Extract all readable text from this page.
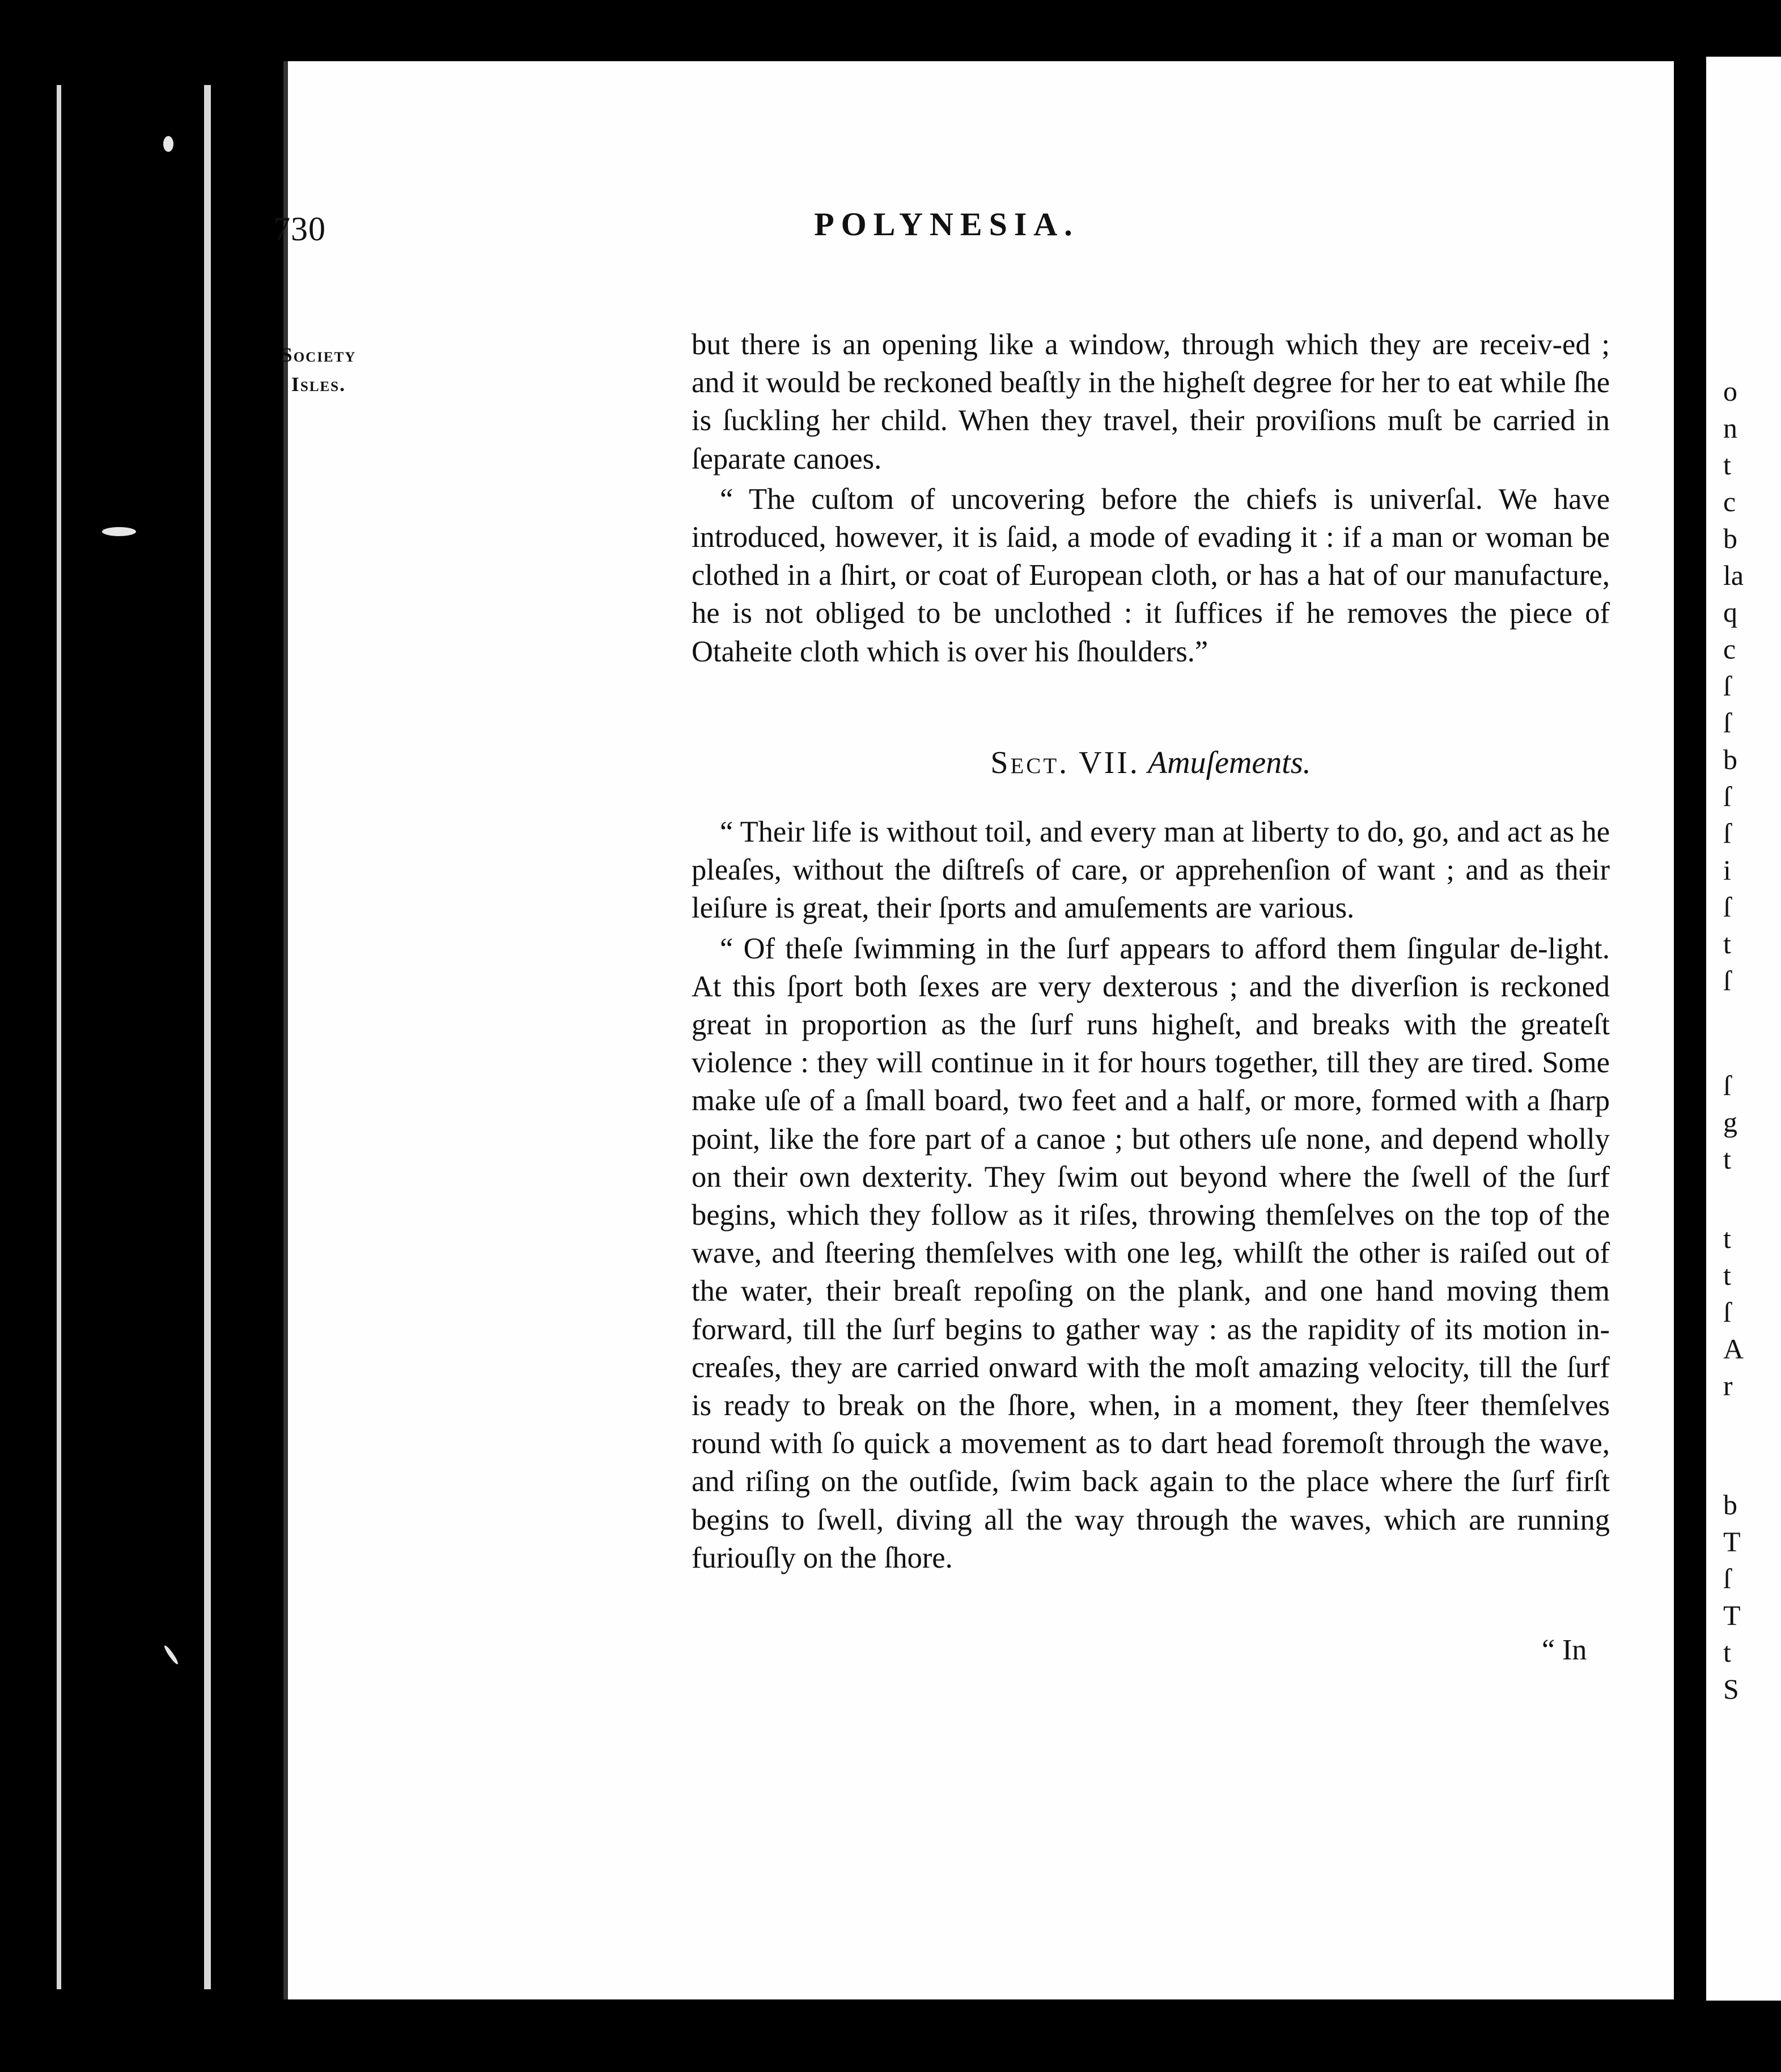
o
n
t
c
b
la
q
c
ſ
ſ
b
ſ
ſ
i
ſ
t
ſ
ſ
g
t
t
t
ſ
A
r
b
T
ſ
T
t
S
730	POLYNESIA.
Society
Isles.

but there is an opening like a window, through which they are receiv-ed ; and it would be reckoned beaſtly in the higheſt degree for her to eat while ſhe is ſuckling her child. When they travel, their proviſions muſt be carried in ſeparate canoes.

“ The cuſtom of uncovering before the chiefs is univerſal. We have introduced, however, it is ſaid, a mode of evading it : if a man or woman be clothed in a ſhirt, or coat of European cloth, or has a hat of our manufacture, he is not obliged to be unclothed : it ſuffices if he removes the piece of Otaheite cloth which is over his ſhoulders.”

Sect. VII. Amuſements.

“ Their life is without toil, and every man at liberty to do, go, and act as he pleaſes, without the diſtreſs of care, or apprehenſion of want ; and as their leiſure is great, their ſports and amuſements are various.

“ Of theſe ſwimming in the ſurf appears to afford them ſingular de-light. At this ſport both ſexes are very dexterous ; and the diverſion is reckoned great in proportion as the ſurf runs higheſt, and breaks with the greateſt violence : they will continue in it for hours together, till they are tired. Some make uſe of a ſmall board, two feet and a half, or more, formed with a ſharp point, like the fore part of a canoe ; but others uſe none, and depend wholly on their own dexterity. They ſwim out beyond where the ſwell of the ſurf begins, which they follow as it riſes, throwing themſelves on the top of the wave, and ſteering themſelves with one leg, whilſt the other is raiſed out of the water, their breaſt repoſing on the plank, and one hand moving them forward, till the ſurf begins to gather way : as the rapidity of its motion in-creaſes, they are carried onward with the moſt amazing velocity, till the ſurf is ready to break on the ſhore, when, in a moment, they ſteer themſelves round with ſo quick a movement as to dart head foremoſt through the wave, and riſing on the outſide, ſwim back again to the place where the ſurf firſt begins to ſwell, diving all the way through the waves, which are running furiouſly on the ſhore.

“ In
